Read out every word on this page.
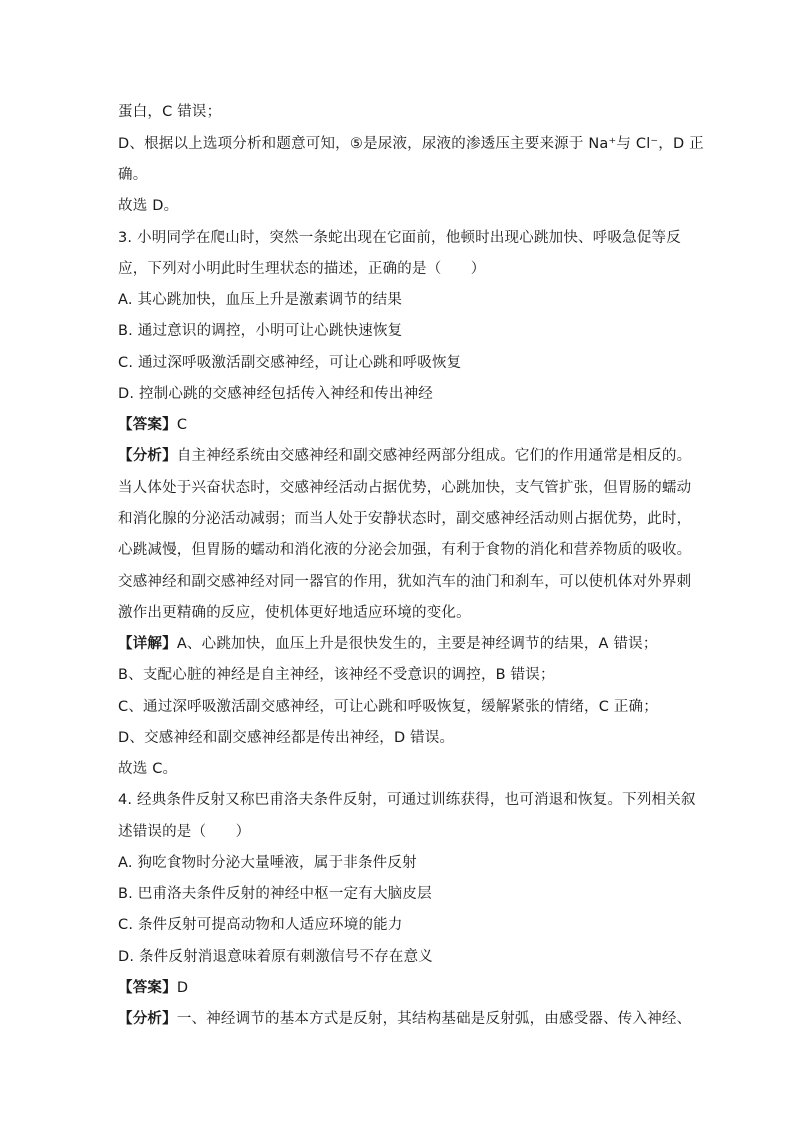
蛋白，C 错误；
D、根据以上选项分析和题意可知，⑤是尿液，尿液的渗透压主要来源于 Na⁺与 Cl⁻，D 正
确。
故选 D。
3. 小明同学在爬山时，突然一条蛇出现在它面前，他顿时出现心跳加快、呼吸急促等反
应，下列对小明此时生理状态的描述，正确的是（　　）
A. 其心跳加快，血压上升是激素调节的结果
B. 通过意识的调控，小明可让心跳快速恢复
C. 通过深呼吸激活副交感神经，可让心跳和呼吸恢复
D. 控制心跳的交感神经包括传入神经和传出神经
【答案】C
【分析】自主神经系统由交感神经和副交感神经两部分组成。它们的作用通常是相反的。
当人体处于兴奋状态时，交感神经活动占据优势，心跳加快，支气管扩张，但胃肠的蠕动
和消化腺的分泌活动减弱；而当人处于安静状态时，副交感神经活动则占据优势，此时，
心跳减慢，但胃肠的蠕动和消化液的分泌会加强，有利于食物的消化和营养物质的吸收。
交感神经和副交感神经对同一器官的作用，犹如汽车的油门和刹车，可以使机体对外界刺
激作出更精确的反应，使机体更好地适应环境的变化。
【详解】A、心跳加快，血压上升是很快发生的，主要是神经调节的结果，A 错误；
B、支配心脏的神经是自主神经，该神经不受意识的调控，B 错误；
C、通过深呼吸激活副交感神经，可让心跳和呼吸恢复，缓解紧张的情绪，C 正确；
D、交感神经和副交感神经都是传出神经，D 错误。
故选 C。
4. 经典条件反射又称巴甫洛夫条件反射，可通过训练获得，也可消退和恢复。下列相关叙
述错误的是（　　）
A. 狗吃食物时分泌大量唾液，属于非条件反射
B. 巴甫洛夫条件反射的神经中枢一定有大脑皮层
C. 条件反射可提高动物和人适应环境的能力
D. 条件反射消退意味着原有刺激信号不存在意义
【答案】D
【分析】一、神经调节的基本方式是反射，其结构基础是反射弧，由感受器、传入神经、
